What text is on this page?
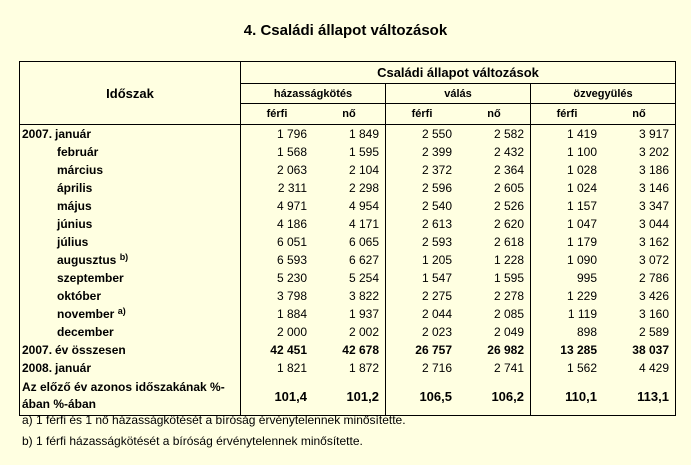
4. Családi állapot változások
Időszak	Családi állapot változások					
	házasságkötés		válás		özvegyülés	
	férfi	nő	férfi	nő	férfi	nő
2007. január	1 796	1 849	2 550	2 582	1 419	3 917
február	1 568	1 595	2 399	2 432	1 100	3 202
március	2 063	2 104	2 372	2 364	1 028	3 186
április	2 311	2 298	2 596	2 605	1 024	3 146
május	4 971	4 954	2 540	2 526	1 157	3 347
június	4 186	4 171	2 613	2 620	1 047	3 044
július	6 051	6 065	2 593	2 618	1 179	3 162
augusztus $^{b)}$	6 593	6 627	1 205	1 228	1 090	3 072
szeptember	5 230	5 254	1 547	1 595	995	2 786
október	3 798	3 822	2 275	2 278	1 229	3 426
november $^{a)}$	1 884	1 937	2 044	2 085	1 119	3 160
december	2 000	2 002	2 023	2 049	898	2 589
2007. év összesen	42 451	42 678	26 757	26 982	13 285	38 037
2008. január	1 821	1 872	2 716	2 741	1 562	4 429
Az előző év azonos időszakának %-ában %-ában	101,4	101,2	106,5	106,2	110,1	113,1
a) 1 férfi és 1 nő házasságkötését a bíróság érvénytelennek minősítette.
b) 1 férfi házasságkötését a bíróság érvénytelennek minősítette.
